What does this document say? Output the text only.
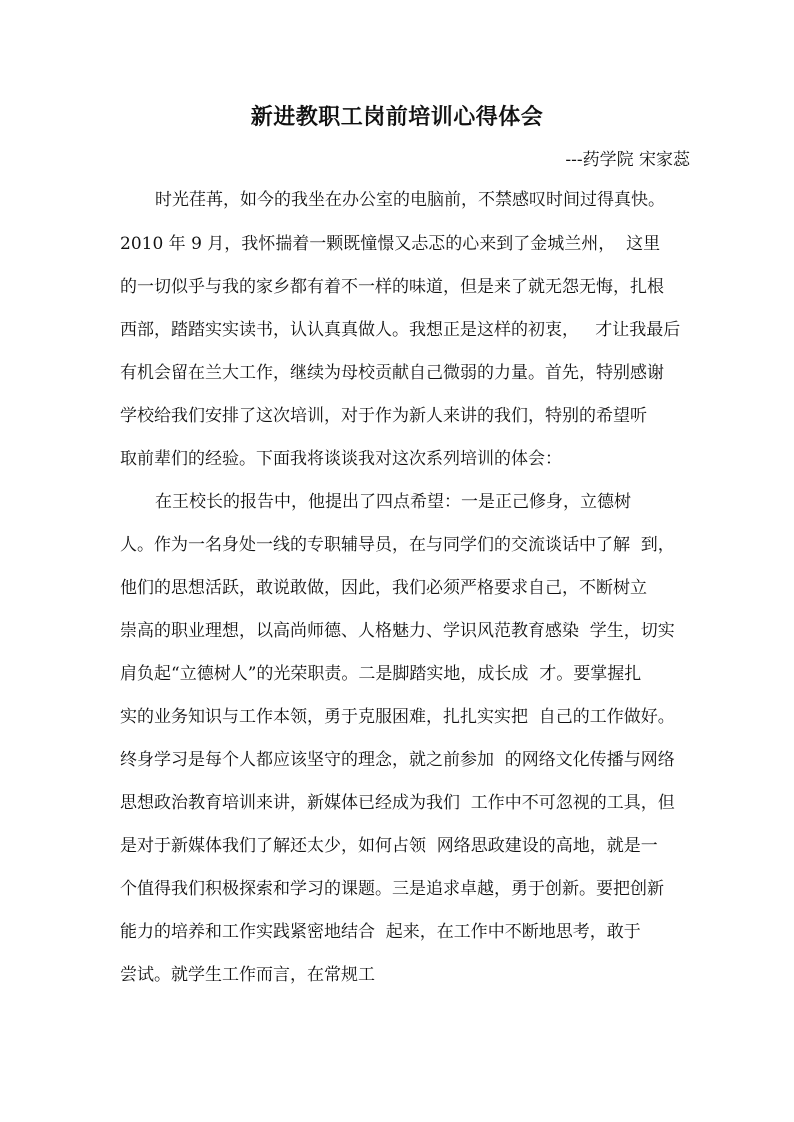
新进教职工岗前培训心得体会
---药学院 宋家蕊
时光荏苒，如今的我坐在办公室的电脑前，不禁感叹时间过得真快。
2010 年 9 月，我怀揣着一颗既憧憬又忐忑的心来到了金城兰州，  这里
的一切似乎与我的家乡都有着不一样的味道，但是来了就无怨无悔，扎根
西部，踏踏实实读书，认认真真做人。我想正是这样的初衷，   才让我最后
有机会留在兰大工作，继续为母校贡献自己微弱的力量。首先，特别感谢
学校给我们安排了这次培训，对于作为新人来讲的我们，特别的希望听
取前辈们的经验。下面我将谈谈我对这次系列培训的体会：
在王校长的报告中，他提出了四点希望：一是正己修身，立德树
人。作为一名身处一线的专职辅导员，在与同学们的交流谈话中了解  到，
他们的思想活跃，敢说敢做，因此，我们必须严格要求自己，不断树立
崇高的职业理想，以高尚师德、人格魅力、学识风范教育感染  学生，切实
肩负起“立德树人”的光荣职责。二是脚踏实地，成长成  才。要掌握扎
实的业务知识与工作本领，勇于克服困难，扎扎实实把  自己的工作做好。
终身学习是每个人都应该坚守的理念，就之前参加  的网络文化传播与网络
思想政治教育培训来讲，新媒体已经成为我们  工作中不可忽视的工具，但
是对于新媒体我们了解还太少，如何占领  网络思政建设的高地，就是一
个值得我们积极探索和学习的课题。三是追求卓越，勇于创新。要把创新
能力的培养和工作实践紧密地结合  起来，在工作中不断地思考，敢于
尝试。就学生工作而言，在常规工
